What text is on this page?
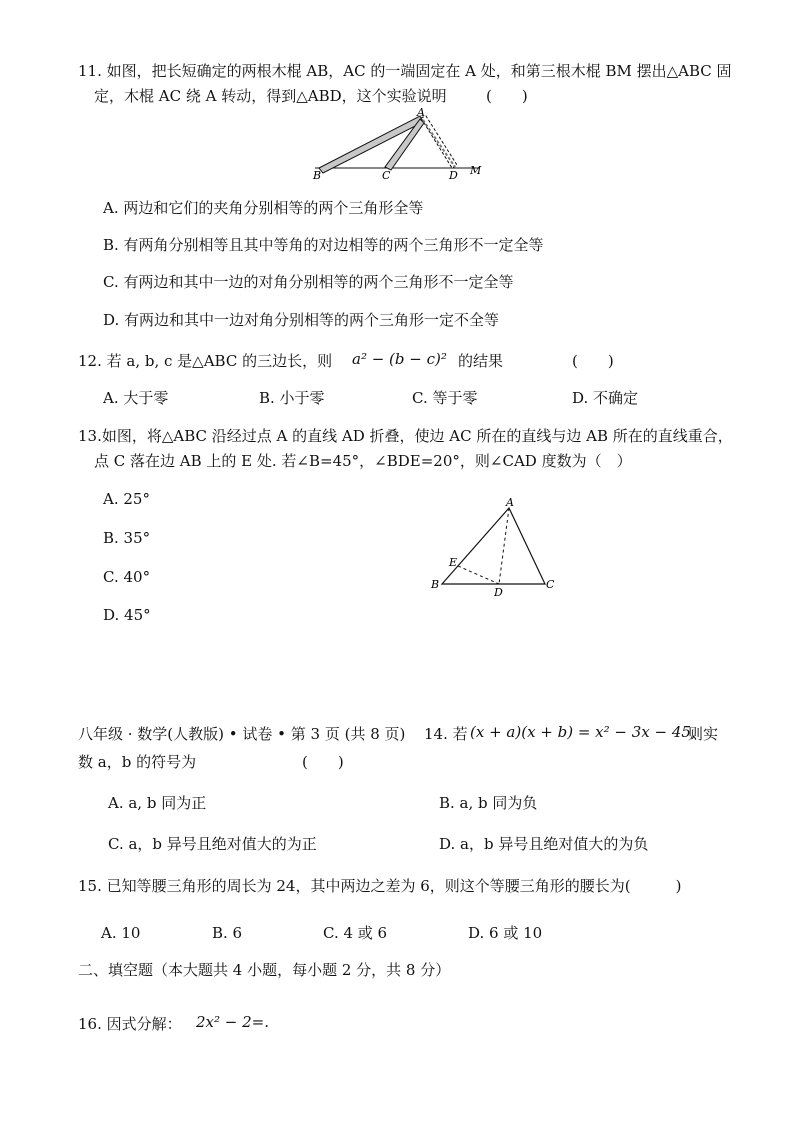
11. 如图，把长短确定的两根木棍 AB，AC 的一端固定在 A 处，和第三根木棍 BM 摆出△ABC 固
定，木棍 AC 绕 A 转动，得到△ABD，这个实验说明	(　　)
A
B	C	D M
A. 两边和它们的夹角分别相等的两个三角形全等
B. 有两角分别相等且其中等角的对边相等的两个三角形不一定全等
C. 有两边和其中一边的对角分别相等的两个三角形不一定全等
D. 有两边和其中一边对角分别相等的两个三角形一定不全等
12. 若 a, b, c 是△ABC 的三边长，则 a² − (b − c)² 的结果	(　　)
A. 大于零	B. 小于零	C. 等于零	D. 不确定
13.如图，将△ABC 沿经过点 A 的直线 AD 折叠，使边 AC 所在的直线与边 AB 所在的直线重合，
点 C 落在边 AB 上的 E 处. 若∠B=45°，∠BDE=20°，则∠CAD 度数为（　）
A. 25°
B. 35°
C. 40°
D. 45°
A
B	C
D
E
八年级 · 数学(人教版) • 试卷 • 第 3 页 (共 8 页) 14. 若 (x + a)(x + b) = x² − 3x − 45,
则实
数 a，b 的符号为	(　　)
A. a, b 同为正	B. a, b 同为负
C. a，b 异号且绝对值大的为正	D. a，b 异号且绝对值大的为负
15. 已知等腰三角形的周长为 24，其中两边之差为 6，则这个等腰三角形的腰长为(　　　)
A. 10	B. 6	C. 4 或 6	D. 6 或 10
二、填空题（本大题共 4 小题，每小题 2 分，共 8 分）
16. 因式分解： 2x² − 2=.
